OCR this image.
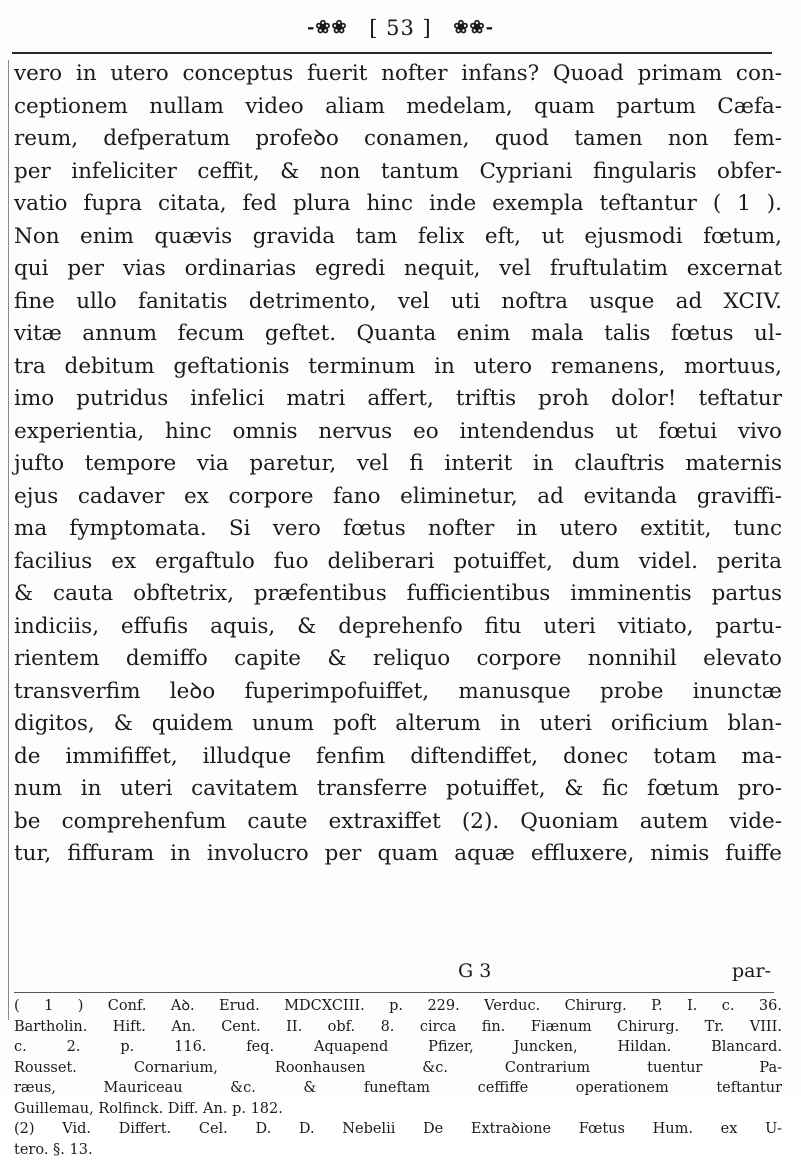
-❀❀ [ 53 ] ❀❀-
vero in utero conceptus fuerit nofter infans? Quoad primam con-
ceptionem nullam video aliam medelam, quam partum Cæfa-
reum, defperatum profeꝺo conamen, quod tamen non fem-
per infeliciter ceffit, & non tantum Cypriani fingularis obfer-
vatio fupra citata, fed plura hinc inde exempla teftantur ( 1 ).
Non enim quævis gravida tam felix eft, ut ejusmodi fœtum,
qui per vias ordinarias egredi nequit, vel fruftulatim excernat
fine ullo fanitatis detrimento, vel uti noftra usque ad XCIV.
vitæ annum fecum geftet. Quanta enim mala talis fœtus ul-
tra debitum geftationis terminum in utero remanens, mortuus,
imo putridus infelici matri affert, triftis proh dolor! teftatur
experientia, hinc omnis nervus eo intendendus ut fœtui vivo
jufto tempore via paretur, vel fi interit in clauftris maternis
ejus cadaver ex corpore fano eliminetur, ad evitanda graviffi-
ma fymptomata. Si vero fœtus nofter in utero extitit, tunc
facilius ex ergaftulo fuo deliberari potuiffet, dum videl. perita
& cauta obftetrix, præfentibus fufficientibus imminentis partus
indiciis, effufis aquis, & deprehenfo fitu uteri vitiato, partu-
rientem demiffo capite & reliquo corpore nonnihil elevato
transverfim leꝺo fuperimpofuiffet, manusque probe inunctæ
digitos, & quidem unum poft alterum in uteri orificium blan-
de immififfet, illudque fenfim diftendiffet, donec totam ma-
num in uteri cavitatem transferre potuiffet, & fic fœtum pro-
be comprehenfum caute extraxiffet (2). Quoniam autem vide-
tur, fiffuram in involucro per quam aquæ effluxere, nimis fuiffe
G 3	par-
( 1 ) Conf. Aꝺ. Erud. MDCXCIII. p. 229. Verduc. Chirurg. P. I. c. 36.
Bartholin. Hift. An. Cent. II. obf. 8. circa fin. Fiænum Chirurg. Tr. VIII.
c. 2. p. 116. feq. Aquapend Pfizer, Juncken, Hildan. Blancard.
Rousset. Cornarium, Roonhausen &c. Contrarium tuentur Pa-
ræus, Mauriceau &c. & funeftam ceffiffe operationem teftantur
Guillemau, Rolfinck. Diff. An. p. 182.
(2) Vid. Differt. Cel. D. D. Nebelii De Extraꝺione Fœtus Hum. ex U-
tero. §. 13.
